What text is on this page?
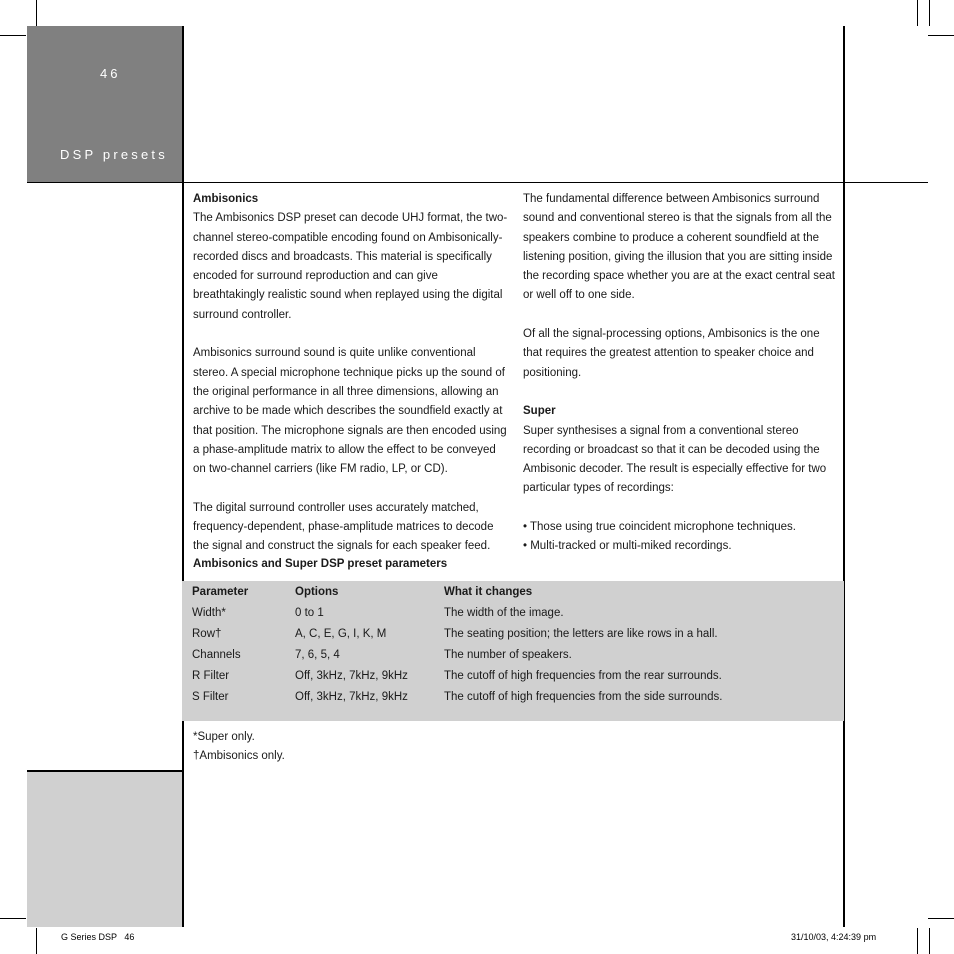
46
DSP presets
Ambisonics

The Ambisonics DSP preset can decode UHJ format, the two-channel stereo-compatible encoding found on Ambisonically-recorded discs and broadcasts. This material is specifically encoded for surround reproduction and can give breathtakingly realistic sound when replayed using the digital surround controller.

Ambisonics surround sound is quite unlike conventional stereo. A special microphone technique picks up the sound of the original performance in all three dimensions, allowing an archive to be made which describes the soundfield exactly at that position. The microphone signals are then encoded using a phase-amplitude matrix to allow the effect to be conveyed on two-channel carriers (like FM radio, LP, or CD).

The digital surround controller uses accurately matched, frequency-dependent, phase-amplitude matrices to decode the signal and construct the signals for each speaker feed.

The fundamental difference between Ambisonics surround sound and conventional stereo is that the signals from all the speakers combine to produce a coherent soundfield at the listening position, giving the illusion that you are sitting inside the recording space whether you are at the exact central seat or well off to one side.

Of all the signal-processing options, Ambisonics is the one that requires the greatest attention to speaker choice and positioning.

Super

Super synthesises a signal from a conventional stereo recording or broadcast so that it can be decoded using the Ambisonic decoder. The result is especially effective for two particular types of recordings:

• Those using true coincident microphone techniques.
• Multi-tracked or multi-miked recordings.
Ambisonics and Super DSP preset parameters
Parameter	Options	What it changes
Width*	0 to 1	The width of the image.
Row†	A, C, E, G, I, K, M	The seating position; the letters are like rows in a hall.
Channels	7, 6, 5, 4	The number of speakers.
R Filter	Off, 3kHz, 7kHz, 9kHz	The cutoff of high frequencies from the rear surrounds.
S Filter	Off, 3kHz, 7kHz, 9kHz	The cutoff of high frequencies from the side surrounds.
*Super only.
†Ambisonics only.
G Series DSP   46	31/10/03, 4:24:39 pm
